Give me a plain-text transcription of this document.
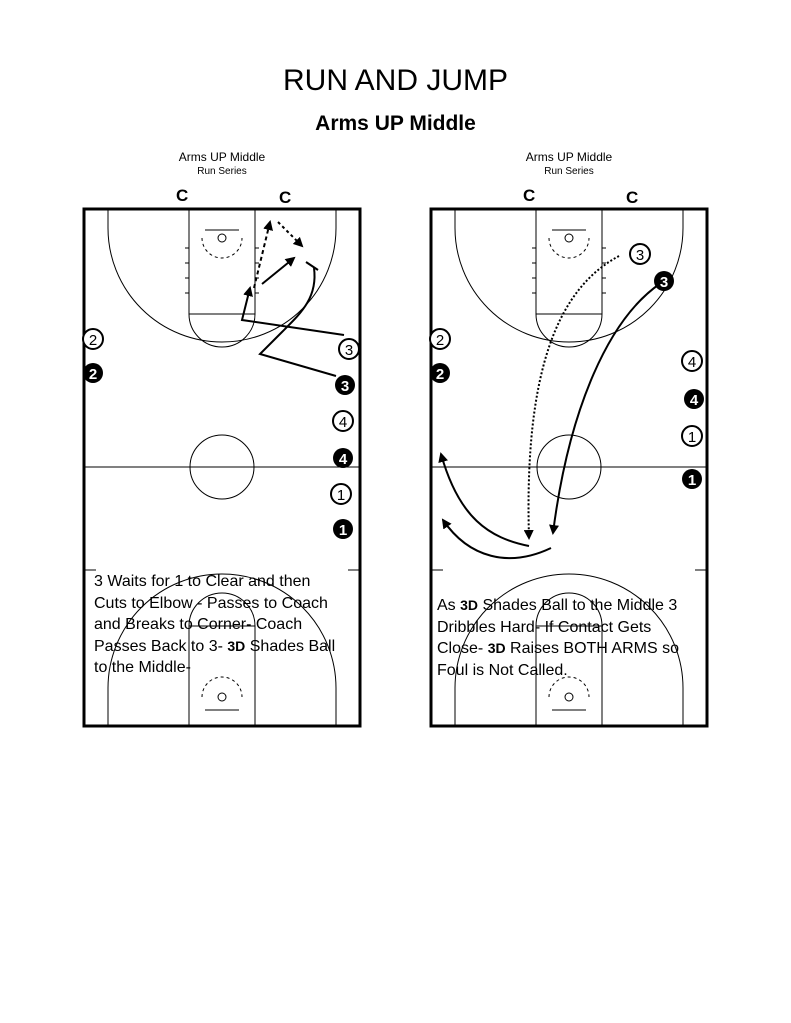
RUN AND JUMP
Arms UP Middle
Arms UP Middle
Run Series
C	C
2
2
3
3
4
4
1
1
3 Waits for 1 to Clear and then
Cuts to Elbow - Passes to Coach
and Breaks to Corner- Coach
Passes Back to 3- 3D Shades Ball
to the Middle-
Arms UP Middle
Run Series
C	C
2
2
3
3
4
4
1
1
As 3D Shades Ball to the Middle 3
Dribbles Hard- If Contact Gets
Close- 3D Raises BOTH ARMS so
Foul is Not Called.
